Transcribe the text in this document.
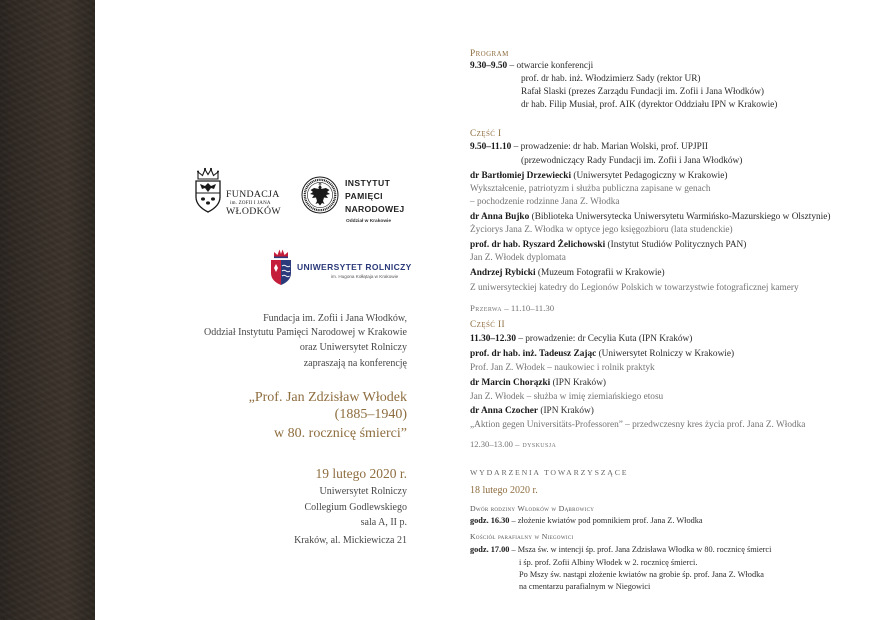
FUNDACJA
im. ZOFII I JANA
WŁODKÓW
INSTYTUT
PAMIĘCI
NARODOWEJ
Oddział w Krakowie
UNIWERSYTET ROLNICZY
im. Hugona Kołłątaja w Krakowie
Fundacja im. Zofii i Jana Włodków,
Oddział Instytutu Pamięci Narodowej w Krakowie
oraz Uniwersytet Rolniczy
zapraszają na konferencję
„Prof. Jan Zdzisław Włodek
(1885–1940)
w 80. rocznicę śmierci”
19 lutego 2020 r.
Uniwersytet Rolniczy
Collegium Godlewskiego
sala A, II p.
Kraków, al. Mickiewicza 21
Program
9.30–9.50 – otwarcie konferencji
prof. dr hab. inż. Włodzimierz Sady (rektor UR)
Rafał Slaski (prezes Zarządu Fundacji im. Zofii i Jana Włodków)
dr hab. Filip Musiał, prof. AIK (dyrektor Oddziału IPN w Krakowie)
Część I
9.50–11.10 – prowadzenie: dr hab. Marian Wolski, prof. UPJPII
(przewodniczący Rady Fundacji im. Zofii i Jana Włodków)
dr Bartłomiej Drzewiecki (Uniwersytet Pedagogiczny w Krakowie)
Wykształcenie, patriotyzm i służba publiczna zapisane w genach
– pochodzenie rodzinne Jana Z. Włodka
dr Anna Bujko (Biblioteka Uniwersytecka Uniwersytetu Warmińsko-Mazurskiego w Olsztynie)
Życiorys Jana Z. Włodka w optyce jego księgozbioru (lata studenckie)
prof. dr hab. Ryszard Żelichowski (Instytut Studiów Politycznych PAN)
Jan Z. Włodek dyplomata
Andrzej Rybicki (Muzeum Fotografii w Krakowie)
Z uniwersyteckiej katedry do Legionów Polskich w towarzystwie fotograficznej kamery
Przerwa – 11.10–11.30
Część II
11.30–12.30 – prowadzenie: dr Cecylia Kuta (IPN Kraków)
prof. dr hab. inż. Tadeusz Zając (Uniwersytet Rolniczy w Krakowie)
Prof. Jan Z. Włodek – naukowiec i rolnik praktyk
dr Marcin Chorązki (IPN Kraków)
Jan Z. Włodek – służba w imię ziemiańskiego etosu
dr Anna Czocher (IPN Kraków)
„Aktion gegen Universitäts-Professoren” – przedwczesny kres życia prof. Jana Z. Włodka
12.30–13.00 – dyskusja
WYDARZENIA TOWARZYSZĄCE
18 lutego 2020 r.
Dwór rodziny Włodków w Dąbrowicy
godz. 16.30 – złożenie kwiatów pod pomnikiem prof. Jana Z. Włodka
Kościół parafialny w Niegowici
godz. 17.00 – Msza św. w intencji śp. prof. Jana Zdzisława Włodka w 80. rocznicę śmierci
i śp. prof. Zofii Albiny Włodek w 2. rocznicę śmierci.
Po Mszy św. nastąpi złożenie kwiatów na grobie śp. prof. Jana Z. Włodka
na cmentarzu parafialnym w Niegowici
